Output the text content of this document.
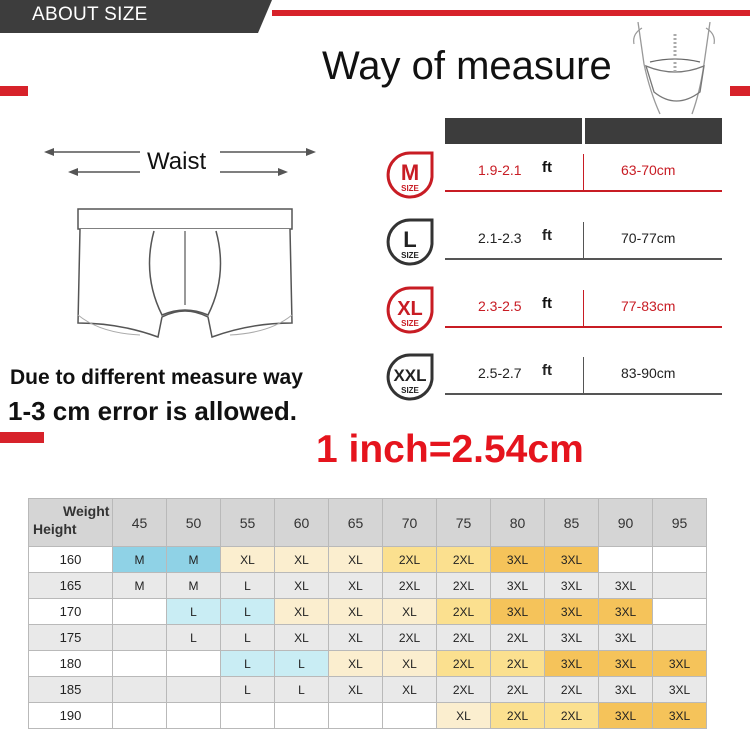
ABOUT SIZE
Way of measure
Waist
Due to different measure way
1-3 cm error is allowed.
1 inch=2.54cm
1.9-2.1 ft	63-70cm
2.1-2.3 ft	70-77cm
2.3-2.5 ft	77-83cm
2.5-2.7 ft	83-90cm
M
SIZE
L
SIZE
XL
SIZE
XXL
SIZE
Weight
Height	45	50	55	60	65	70	75	80	85	90	95
160	M	M	XL	XL	XL	2XL	2XL	3XL	3XL		
165	M	M	L	XL	XL	2XL	2XL	3XL	3XL	3XL	
170		L	L	XL	XL	XL	2XL	3XL	3XL	3XL	
175		L	L	XL	XL	2XL	2XL	2XL	3XL	3XL	
180			L	L	XL	XL	2XL	2XL	3XL	3XL	3XL
185			L	L	XL	XL	2XL	2XL	2XL	3XL	3XL
190							XL	2XL	2XL	3XL	3XL
